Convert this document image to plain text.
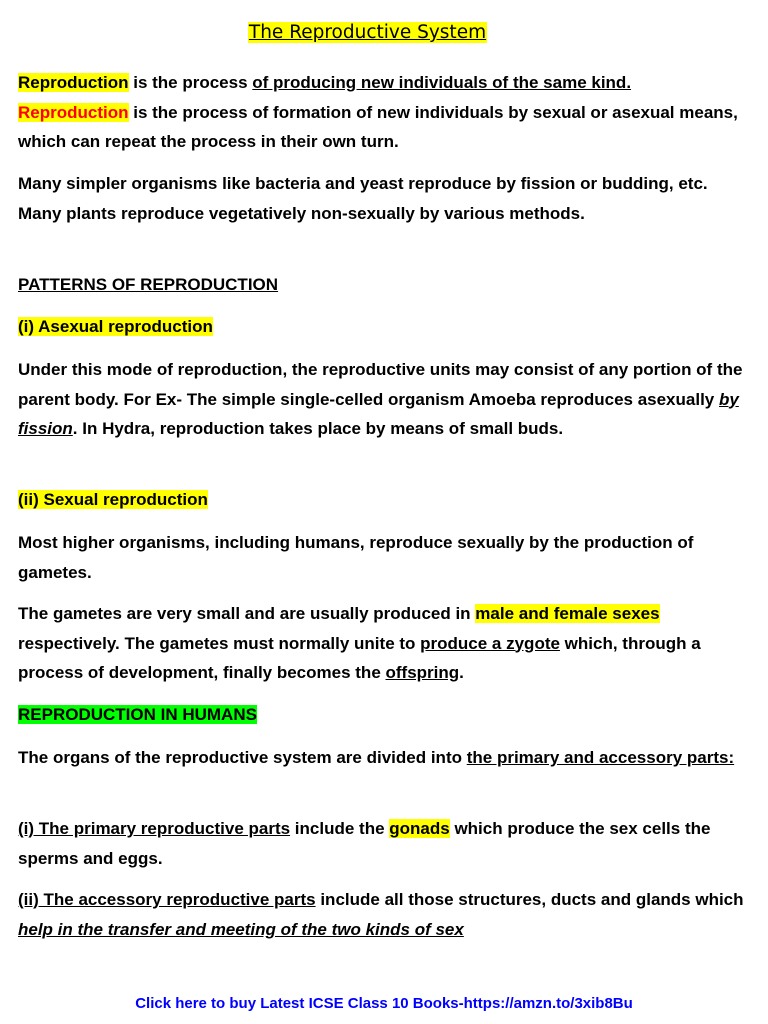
The Reproductive System
Reproduction is the process of producing new individuals of the same kind.
Reproduction is the process of formation of new individuals by sexual or asexual means, which can repeat the process in their own turn.
Many simpler organisms like bacteria and yeast reproduce by fission or budding, etc. Many plants reproduce vegetatively non-sexually by various methods.
PATTERNS OF REPRODUCTION
(i) Asexual reproduction
Under this mode of reproduction, the reproductive units may consist of any portion of the parent body. For Ex- The simple single-celled organism Amoeba reproduces asexually by fission. In Hydra, reproduction takes place by means of small buds.
(ii) Sexual reproduction
Most higher organisms, including humans, reproduce sexually by the production of gametes.
The gametes are very small and are usually produced in male and female sexes respectively. The gametes must normally unite to produce a zygote which, through a process of development, finally becomes the offspring.
REPRODUCTION IN HUMANS
The organs of the reproductive system are divided into the primary and accessory parts:
(i) The primary reproductive parts include the gonads which produce the sex cells the sperms and eggs.
(ii) The accessory reproductive parts include all those structures, ducts and glands which help in the transfer and meeting of the two kinds of sex
Click here to buy Latest ICSE Class 10 Books-https://amzn.to/3xib8Bu
